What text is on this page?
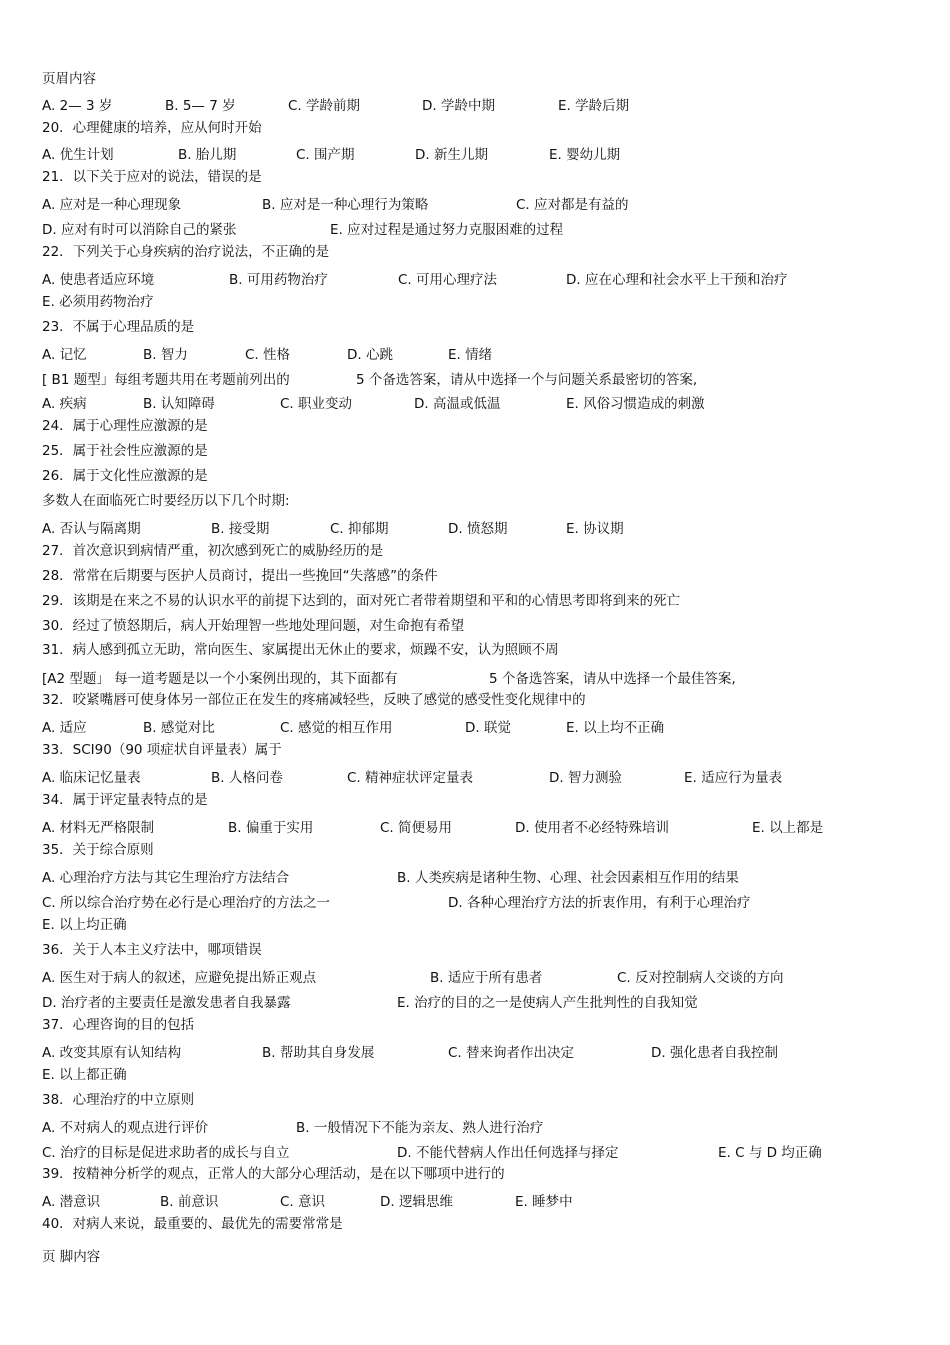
页眉内容
A. 2— 3 岁	B. 5— 7 岁	C. 学龄前期	D. 学龄中期	E. 学龄后期
20．心理健康的培养，应从何时开始
A. 优生计划	B. 胎儿期	C. 围产期	D. 新生儿期	E. 婴幼儿期
21．以下关于应对的说法，错误的是
A. 应对是一种心理现象	B. 应对是一种心理行为策略	C. 应对都是有益的
D. 应对有时可以消除自己的紧张	E. 应对过程是通过努力克服困难的过程
22．下列关于心身疾病的治疗说法，不正确的是
A. 使患者适应环境	B. 可用药物治疗	C. 可用心理疗法	D. 应在心理和社会水平上干预和治疗
E. 必须用药物治疗
23．不属于心理品质的是
A. 记忆	B. 智力	C. 性格	D. 心跳	E. 情绪
[ B1 题型」每组考题共用在考题前列出的	5 个备选答案，请从中选择一个与问题关系最密切的答案,
A. 疾病	B. 认知障碍	C. 职业变动	D. 高温或低温	E. 风俗习惯造成的刺激
24．属于心理性应激源的是
25．属于社会性应激源的是
26．属于文化性应激源的是
多数人在面临死亡时要经历以下几个时期:
A. 否认与隔离期	B. 接受期	C. 抑郁期	D. 愤怒期	E. 协议期
27．首次意识到病情严重，初次感到死亡的威胁经历的是
28．常常在后期要与医护人员商讨，提出一些挽回“失落感”的条件
29．该期是在来之不易的认识水平的前提下达到的，面对死亡者带着期望和平和的心情思考即将到来的死亡
30．经过了愤怒期后，病人开始理智一些地处理问题，对生命抱有希望
31．病人感到孤立无助，常向医生、家属提出无休止的要求，烦躁不安，认为照顾不周
[A2 型题」 每一道考题是以一个小案例出现的，其下面都有	5 个备选答案，请从中选择一个最佳答案,
32．咬紧嘴唇可使身体另一部位正在发生的疼痛减轻些，反映了感觉的感受性变化规律中的
A. 适应	B. 感觉对比	C. 感觉的相互作用	D. 联觉	E. 以上均不正确
33．SCI90（90 项症状自评量表）属于
A. 临床记忆量表	B. 人格问卷	C. 精神症状评定量表	D. 智力测验	E. 适应行为量表
34．属于评定量表特点的是
A. 材料无严格限制	B. 偏重于实用	C. 简便易用	D. 使用者不必经特殊培训	E. 以上都是
35．关于综合原则
A. 心理治疗方法与其它生理治疗方法结合	B. 人类疾病是诸种生物、心理、社会因素相互作用的结果
C. 所以综合治疗势在必行是心理治疗的方法之一	D. 各种心理治疗方法的折衷作用，有利于心理治疗
E. 以上均正确
36．关于人本主义疗法中，哪项错误
A. 医生对于病人的叙述，应避免提出矫正观点	B. 适应于所有患者	C. 反对控制病人交谈的方向
D. 治疗者的主要责任是激发患者自我暴露	E. 治疗的目的之一是使病人产生批判性的自我知觉
37．心理咨询的目的包括
A. 改变其原有认知结构	B. 帮助其自身发展	C. 替来询者作出决定	D. 强化患者自我控制
E. 以上都正确
38．心理治疗的中立原则
A. 不对病人的观点进行评价	B. 一般情况下不能为亲友、熟人进行治疗
C. 治疗的目标是促进求助者的成长与自立	D. 不能代替病人作出任何选择与择定	E. C 与 D 均正确
39．按精神分析学的观点，正常人的大部分心理活动，是在以下哪项中进行的
A. 潜意识	B. 前意识	C. 意识	D. 逻辑思维	E. 睡梦中
40．对病人来说，最重要的、最优先的需要常常是
页 脚内容
